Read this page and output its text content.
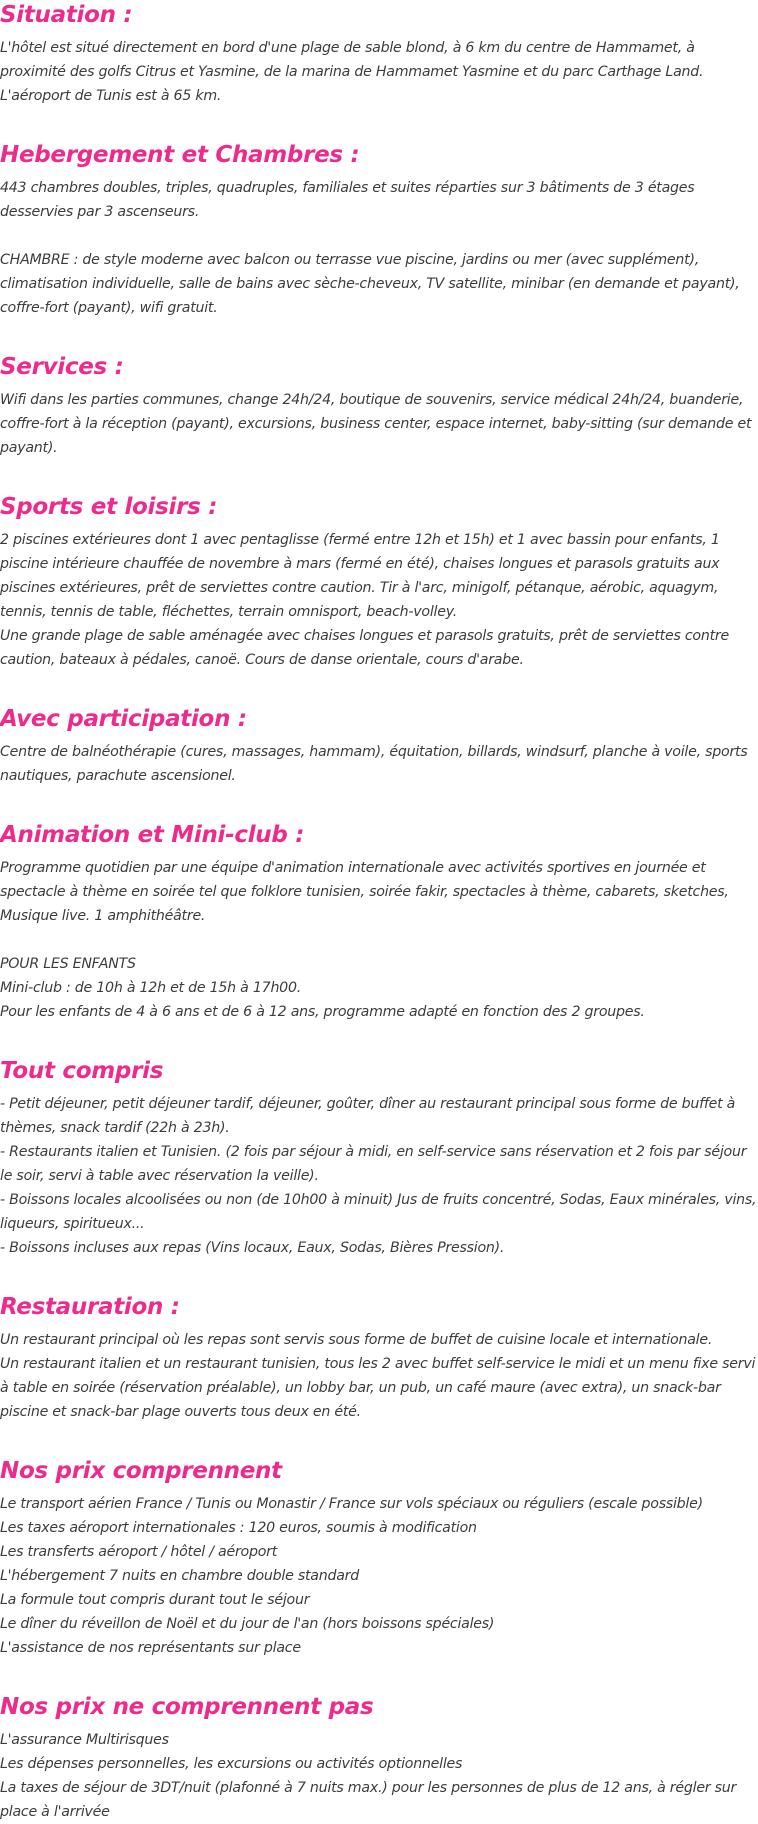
Situation :

L'hôtel est situé directement en bord d'une plage de sable blond, à 6 km du centre de Hammamet, à proximité des golfs Citrus et Yasmine, de la marina de Hammamet Yasmine et du parc Carthage Land. L'aéroport de Tunis est à 65 km.

Hebergement et Chambres :

443 chambres doubles, triples, quadruples, familiales et suites réparties sur 3 bâtiments de 3 étages desservies par 3 ascenseurs.

CHAMBRE : de style moderne avec balcon ou terrasse vue piscine, jardins ou mer (avec supplément), climatisation individuelle, salle de bains avec sèche-cheveux, TV satellite, minibar (en demande et payant), coffre-fort (payant), wifi gratuit.

Services :

Wifi dans les parties communes, change 24h/24, boutique de souvenirs, service médical 24h/24, buanderie, coffre-fort à la réception (payant), excursions, business center, espace internet, baby-sitting (sur demande et payant).

Sports et loisirs :

2 piscines extérieures dont 1 avec pentaglisse (fermé entre 12h et 15h) et 1 avec bassin pour enfants, 1 piscine intérieure chauffée de novembre à mars (fermé en été), chaises longues et parasols gratuits aux piscines extérieures, prêt de serviettes contre caution. Tir à l'arc, minigolf, pétanque, aérobic, aquagym, tennis, tennis de table, fléchettes, terrain omnisport, beach-volley.

Une grande plage de sable aménagée avec chaises longues et parasols gratuits, prêt de serviettes contre caution, bateaux à pédales, canoë. Cours de danse orientale, cours d'arabe.

Avec participation :

Centre de balnéothérapie (cures, massages, hammam), équitation, billards, windsurf, planche à voile, sports nautiques, parachute ascensionel.

Animation et Mini-club :

Programme quotidien par une équipe d'animation internationale avec activités sportives en journée et spectacle à thème en soirée tel que folklore tunisien, soirée fakir, spectacles à thème, cabarets, sketches, Musique live. 1 amphithéâtre.

POUR LES ENFANTS

Mini-club : de 10h à 12h et de 15h à 17h00.

Pour les enfants de 4 à 6 ans et de 6 à 12 ans, programme adapté en fonction des 2 groupes.

Tout compris

- Petit déjeuner, petit déjeuner tardif, déjeuner, goûter, dîner au restaurant principal sous forme de buffet à thèmes, snack tardif (22h à 23h).

- Restaurants italien et Tunisien. (2 fois par séjour à midi, en self-service sans réservation et 2 fois par séjour le soir, servi à table avec réservation la veille).

- Boissons locales alcoolisées ou non (de 10h00 à minuit) Jus de fruits concentré, Sodas, Eaux minérales, vins, liqueurs, spiritueux...

- Boissons incluses aux repas (Vins locaux, Eaux, Sodas, Bières Pression).

Restauration :

Un restaurant principal où les repas sont servis sous forme de buffet de cuisine locale et internationale.

Un restaurant italien et un restaurant tunisien, tous les 2 avec buffet self-service le midi et un menu fixe servi à table en soirée (réservation préalable), un lobby bar, un pub, un café maure (avec extra), un snack-bar piscine et snack-bar plage ouverts tous deux en été.

Nos prix comprennent

Le transport aérien France / Tunis ou Monastir / France sur vols spéciaux ou réguliers (escale possible)

Les taxes aéroport internationales : 120 euros, soumis à modification

Les transferts aéroport / hôtel / aéroport

L'hébergement 7 nuits en chambre double standard

La formule tout compris durant tout le séjour

Le dîner du réveillon de Noël et du jour de l'an (hors boissons spéciales)

L'assistance de nos représentants sur place

Nos prix ne comprennent pas

L'assurance Multirisques

Les dépenses personnelles, les excursions ou activités optionnelles

La taxes de séjour de 3DT/nuit (plafonné à 7 nuits max.) pour les personnes de plus de 12 ans, à régler sur place à l'arrivée
